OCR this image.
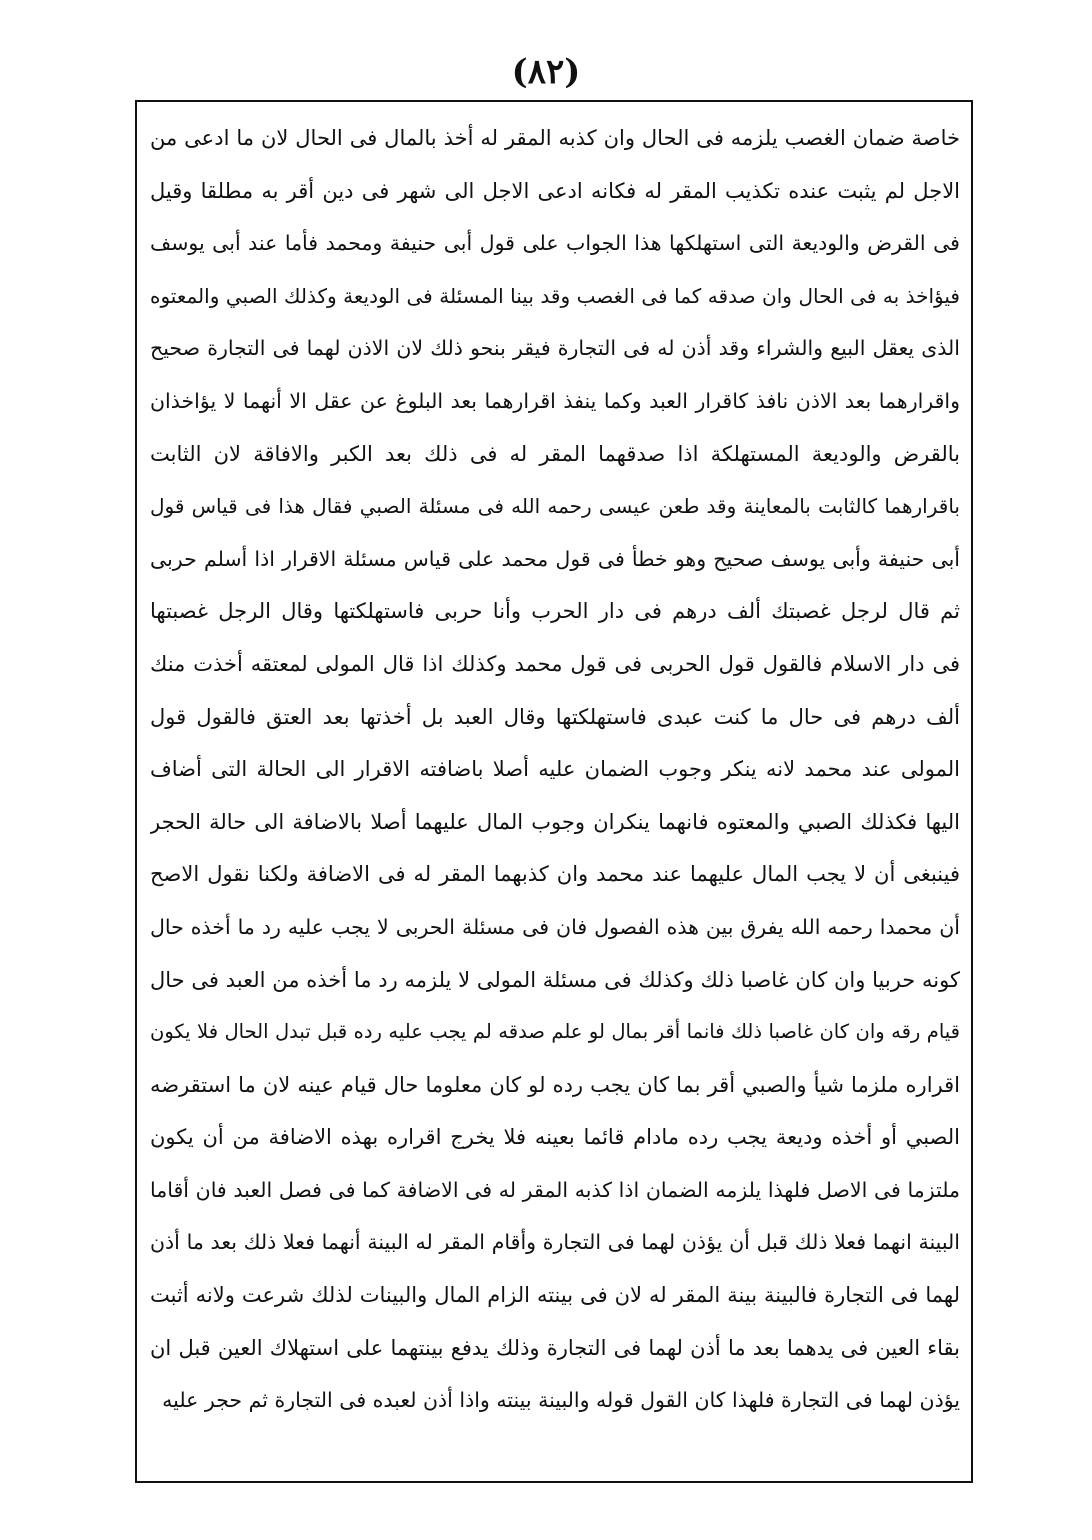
(٨٢)
خاصة ضمان الغصب يلزمه فى الحال وان كذبه المقر له أخذ بالمال فى الحال لان ما ادعى من
الاجل لم يثبت عنده تكذيب المقر له فكانه ادعى الاجل الى شهر فى دين أقر به مطلقا وقيل
فى القرض والوديعة التى استهلكها هذا الجواب على قول أبى حنيفة ومحمد فأما عند أبى يوسف
فيؤاخذ به فى الحال وان صدقه كما فى الغصب وقد بينا المسئلة فى الوديعة وكذلك الصبي والمعتوه
الذى يعقل البيع والشراء وقد أذن له فى التجارة فيقر بنحو ذلك لان الاذن لهما فى التجارة صحيح
واقرارهما بعد الاذن نافذ كاقرار العبد وكما ينفذ اقرارهما بعد البلوغ عن عقل الا أنهما لا يؤاخذان
بالقرض والوديعة المستهلكة اذا صدقهما المقر له فى ذلك بعد الكبر والافاقة لان الثابت
باقرارهما كالثابت بالمعاينة وقد طعن عيسى رحمه الله فى مسئلة الصبي فقال هذا فى قياس قول
أبى حنيفة وأبى يوسف صحيح وهو خطأ فى قول محمد على قياس مسئلة الاقرار اذا أسلم حربى
ثم قال لرجل غصبتك ألف درهم فى دار الحرب وأنا حربى فاستهلكتها وقال الرجل غصبتها
فى دار الاسلام فالقول قول الحربى فى قول محمد وكذلك اذا قال المولى لمعتقه أخذت منك
ألف درهم فى حال ما كنت عبدى فاستهلكتها وقال العبد بل أخذتها بعد العتق فالقول قول
المولى عند محمد لانه ينكر وجوب الضمان عليه أصلا باضافته الاقرار الى الحالة التى أضاف
اليها فكذلك الصبي والمعتوه فانهما ينكران وجوب المال عليهما أصلا بالاضافة الى حالة الحجر
فينبغى أن لا يجب المال عليهما عند محمد وان كذبهما المقر له فى الاضافة ولكنا نقول الاصح
أن محمدا رحمه الله يفرق بين هذه الفصول فان فى مسئلة الحربى لا يجب عليه رد ما أخذه حال
كونه حربيا وان كان غاصبا ذلك وكذلك فى مسئلة المولى لا يلزمه رد ما أخذه من العبد فى حال
قيام رقه وان كان غاصبا ذلك فانما أقر بمال لو علم صدقه لم يجب عليه رده قبل تبدل الحال فلا يكون
اقراره ملزما شيأ والصبي أقر بما كان يجب رده لو كان معلوما حال قيام عينه لان ما استقرضه
الصبي أو أخذه وديعة يجب رده مادام قائما بعينه فلا يخرج اقراره بهذه الاضافة من أن يكون
ملتزما فى الاصل فلهذا يلزمه الضمان اذا كذبه المقر له فى الاضافة كما فى فصل العبد فان أقاما
البينة انهما فعلا ذلك قبل أن يؤذن لهما فى التجارة وأقام المقر له البينة أنهما فعلا ذلك بعد ما أذن
لهما فى التجارة فالبينة بينة المقر له لان فى بينته الزام المال والبينات لذلك شرعت ولانه أثبت
بقاء العين فى يدهما بعد ما أذن لهما فى التجارة وذلك يدفع بينتهما على استهلاك العين قبل ان
يؤذن لهما فى التجارة فلهذا كان القول قوله والبينة بينته واذا أذن لعبده فى التجارة ثم حجر عليه
